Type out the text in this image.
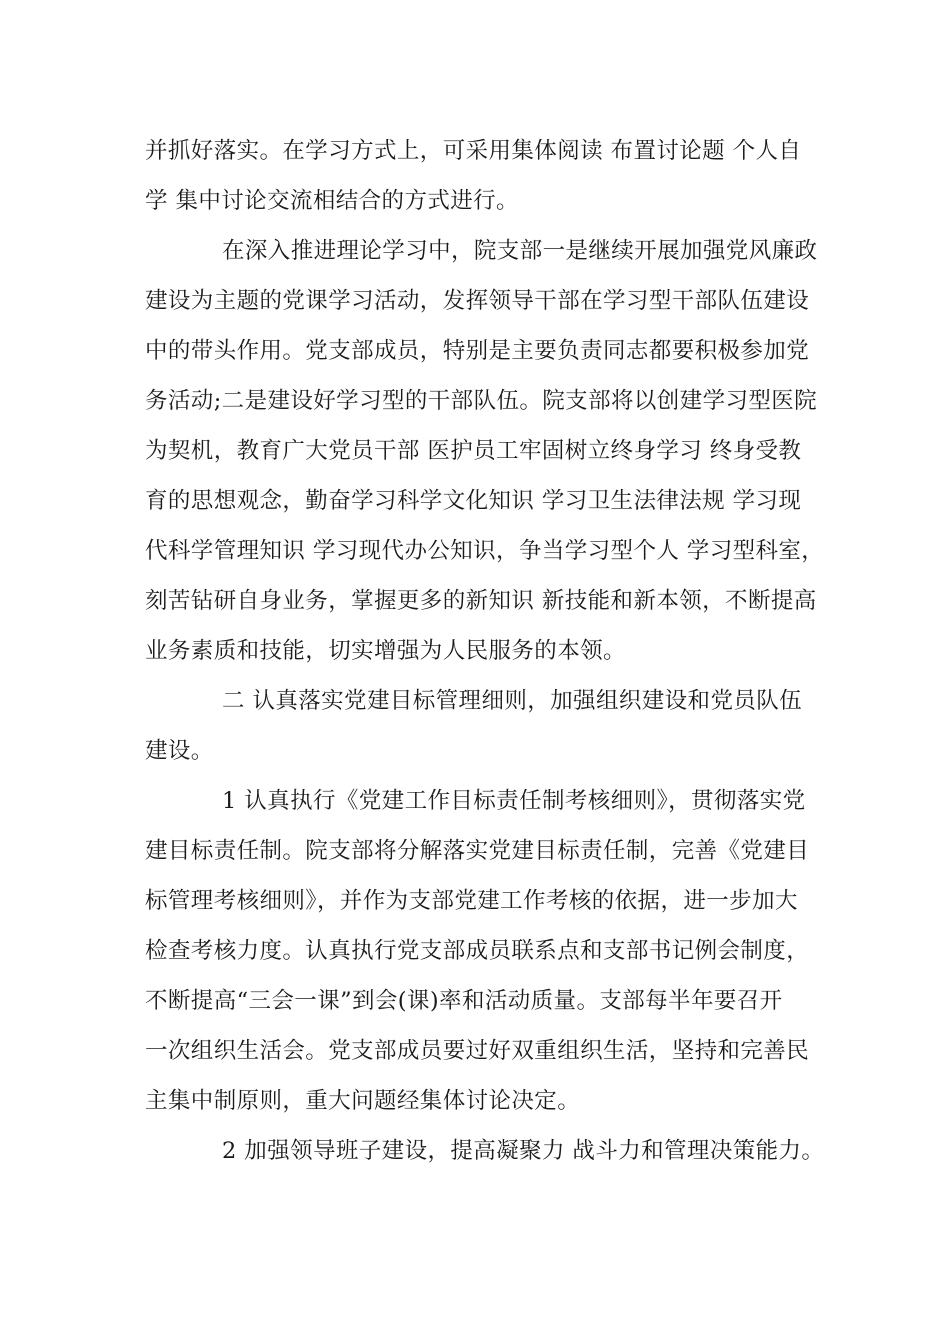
并抓好落实。在学习方式上，可采用集体阅读 布置讨论题 个人自
学 集中讨论交流相结合的方式进行。
在深入推进理论学习中，院支部一是继续开展加强党风廉政
建设为主题的党课学习活动，发挥领导干部在学习型干部队伍建设
中的带头作用。党支部成员，特别是主要负责同志都要积极参加党
务活动;二是建设好学习型的干部队伍。院支部将以创建学习型医院
为契机，教育广大党员干部 医护员工牢固树立终身学习 终身受教
育的思想观念，勤奋学习科学文化知识 学习卫生法律法规 学习现
代科学管理知识 学习现代办公知识，争当学习型个人 学习型科室，
刻苦钻研自身业务，掌握更多的新知识 新技能和新本领，不断提高
业务素质和技能，切实增强为人民服务的本领。
二 认真落实党建目标管理细则，加强组织建设和党员队伍
建设。
1 认真执行《党建工作目标责任制考核细则》，贯彻落实党
建目标责任制。院支部将分解落实党建目标责任制，完善《党建目
标管理考核细则》，并作为支部党建工作考核的依据，进一步加大
检查考核力度。认真执行党支部成员联系点和支部书记例会制度，
不断提高“三会一课”到会(课)率和活动质量。支部每半年要召开
一次组织生活会。党支部成员要过好双重组织生活，坚持和完善民
主集中制原则，重大问题经集体讨论决定。
2 加强领导班子建设，提高凝聚力 战斗力和管理决策能力。
